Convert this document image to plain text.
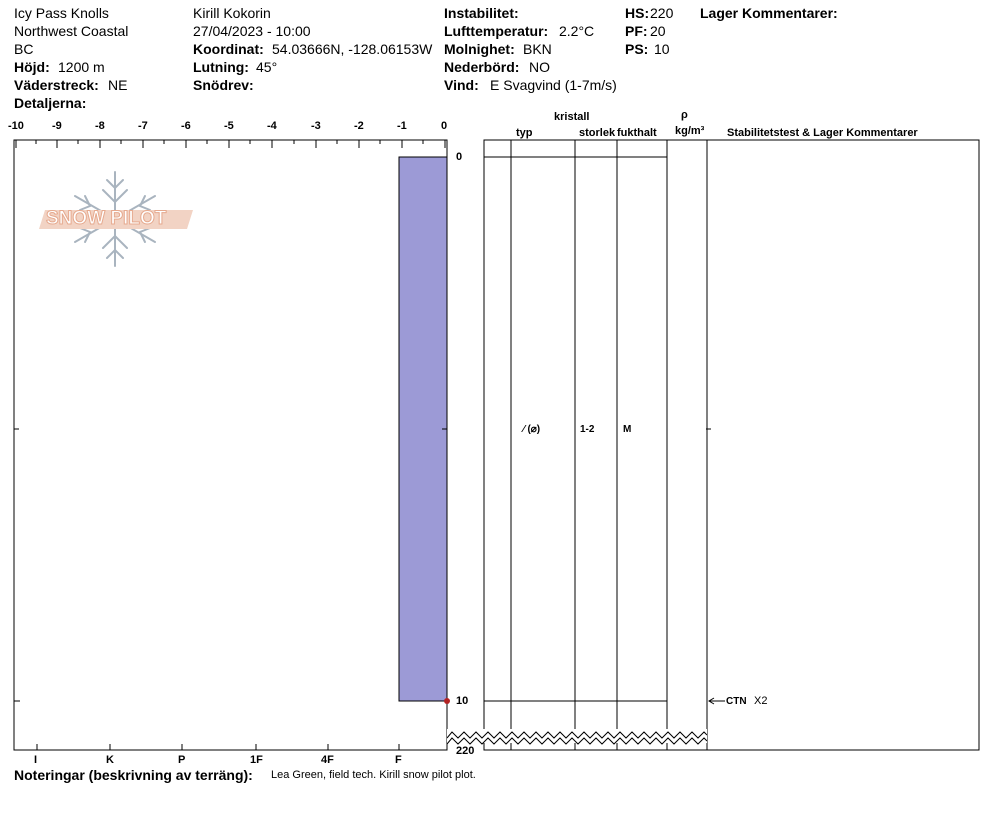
Icy Pass Knolls
Northwest Coastal
BC
Höjd: 1200 m
Väderstreck: NE
Detaljerna:
Kirill Kokorin
27/04/2023 - 10:00
Koordinat: 54.03666N, -128.06153W
Lutning: 45°
Snödrev:
Instabilitet:
Lufttemperatur: 2.2°C
Molnighet: BKN
Nederbörd: NO
Vind: E Svagvind (1-7m/s)
HS: 220
PF: 20
PS: 10
Lager Kommentarer:
SNOW PILOT
-10	-9	-8	-7	-6	-5	-4	-3	-2	-1	0
I	K	P	1F	4F	F
0
10
220
kristall
typ	storlek fukthalt
ρ
kg/m³ Stabilitetstest & Lager Kommentarer
⁄ (⌀)	1-2	M
CTN X2
Noteringar (beskrivning av terräng): Lea Green, field tech. Kirill snow pilot plot.
